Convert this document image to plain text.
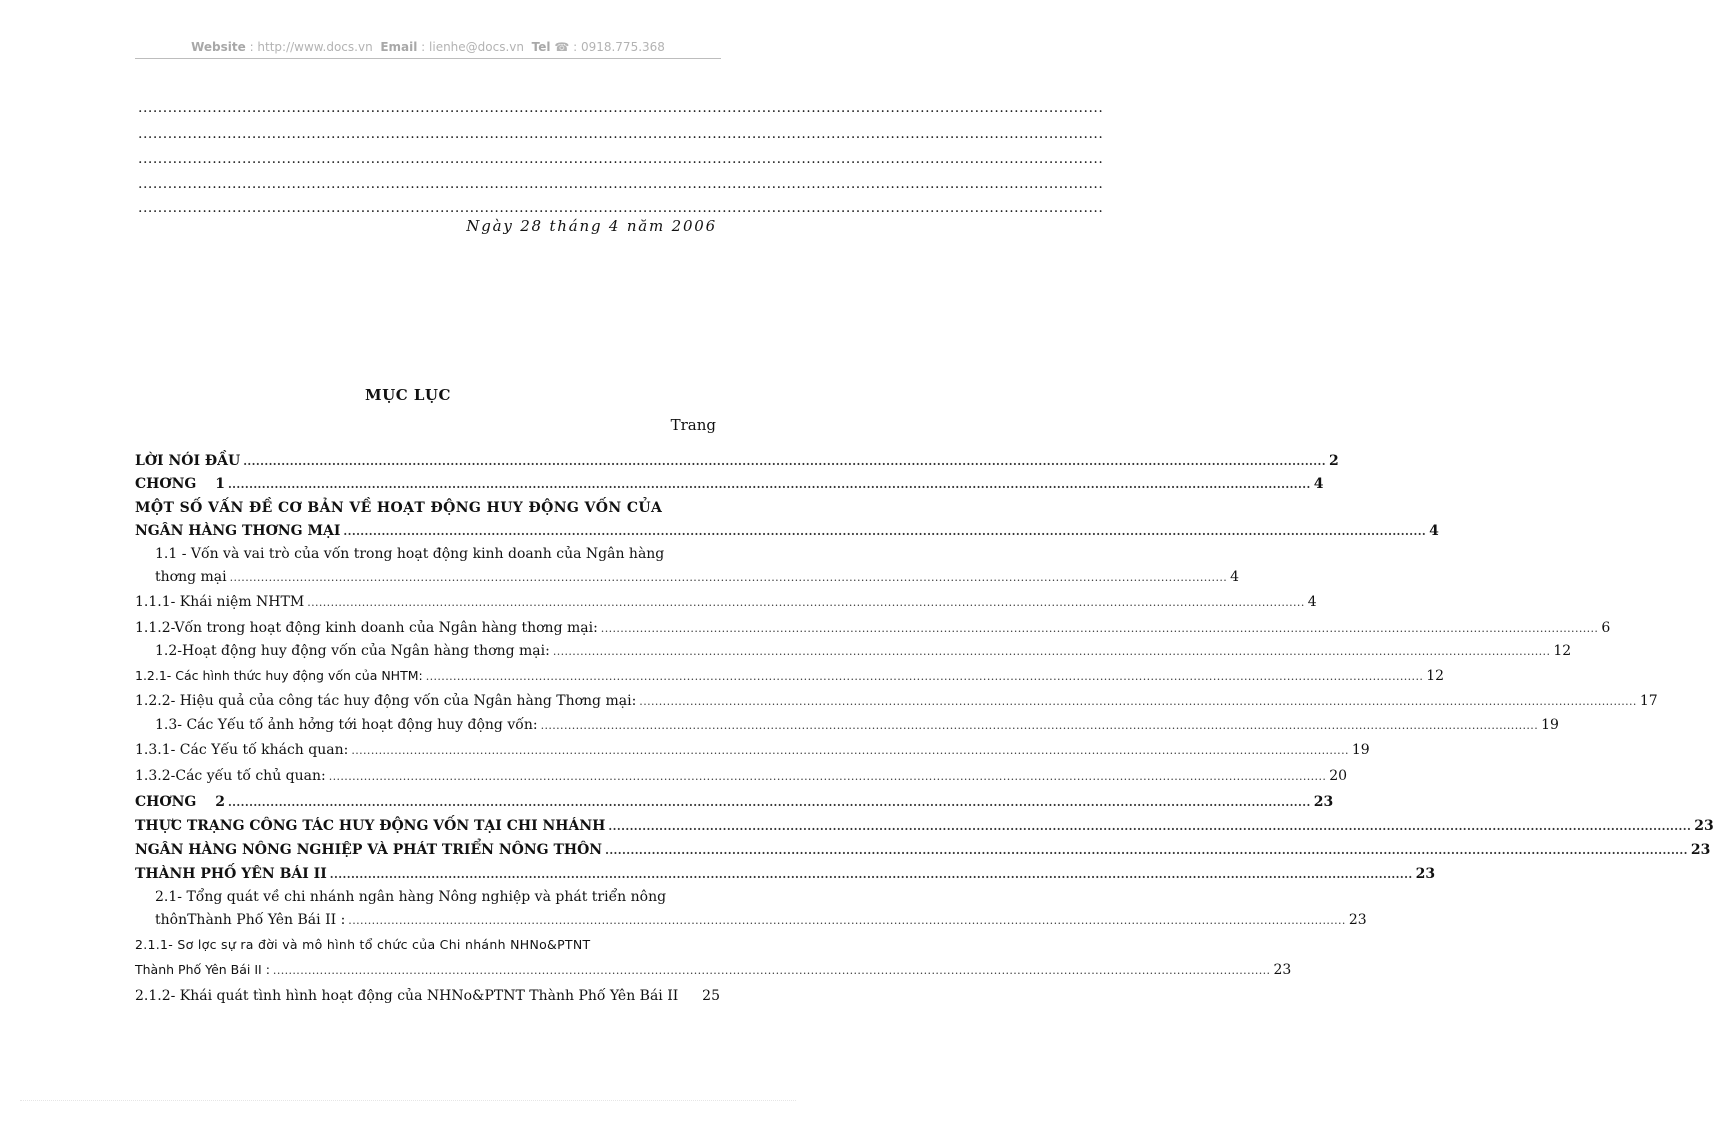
Website : http://www.docs.vn Email : lienhe@docs.vn Tel ☎ : 0918.775.368
...................................................................................................................................................................................................
...................................................................................................................................................................................................
...................................................................................................................................................................................................
...................................................................................................................................................................................................
...................................................................................................................................................................................................
Ngày 28 tháng 4 năm 2006
MỤC LỤC
Trang
LỜI NÓI ĐẦU .....	2
CHƠNG 1 .....	4
MỘT SỐ VẤN ĐỀ CƠ BẢN VỀ HOẠT ĐỘNG HUY ĐỘNG VỐN CỦA
NGÂN HÀNG THƠNG MẠI .....	4
1.1 - Vốn và vai trò của vốn trong hoạt động kinh doanh của Ngân hàng
thơng mại .....	4
1.1.1- Khái niệm NHTM .....	4
1.1.2-Vốn trong hoạt động kinh doanh của Ngân hàng thơng mại: .....	6
1.2-Hoạt động huy động vốn của Ngân hàng thơng mại: .....	12
1.2.1- Các hình thức huy động vốn của NHTM: .....	12
1.2.2- Hiệu quả của công tác huy động vốn của Ngân hàng Thơng mại: .....	17
1.3- Các Yếu tố ảnh hởng tới hoạt động huy động vốn: .....	19
1.3.1- Các Yếu tố khách quan: .....	19
1.3.2-Các yếu tố chủ quan: .....	20
CHƠNG 2 .....	23
THỰC TRẠNG CÔNG TÁC HUY ĐỘNG VỐN TẠI CHI NHÁNH .....	23
NGÂN HÀNG NÔNG NGHIỆP VÀ PHÁT TRIỂN NÔNG THÔN .....	23
THÀNH PHỐ YÊN BÁI II .....	23
2.1- Tổng quát về chi nhánh ngân hàng Nông nghiệp và phát triển nông
thônThành Phố Yên Bái II : .....	23
2.1.1- Sơ lợc sự ra đời và mô hình tổ chức của Chi nhánh NHNo&PTNT
Thành Phố Yên Bái II : .....	23
2.1.2- Khái quát tình hình hoạt động của NHNo&PTNT Thành Phố Yên Bái II	25
